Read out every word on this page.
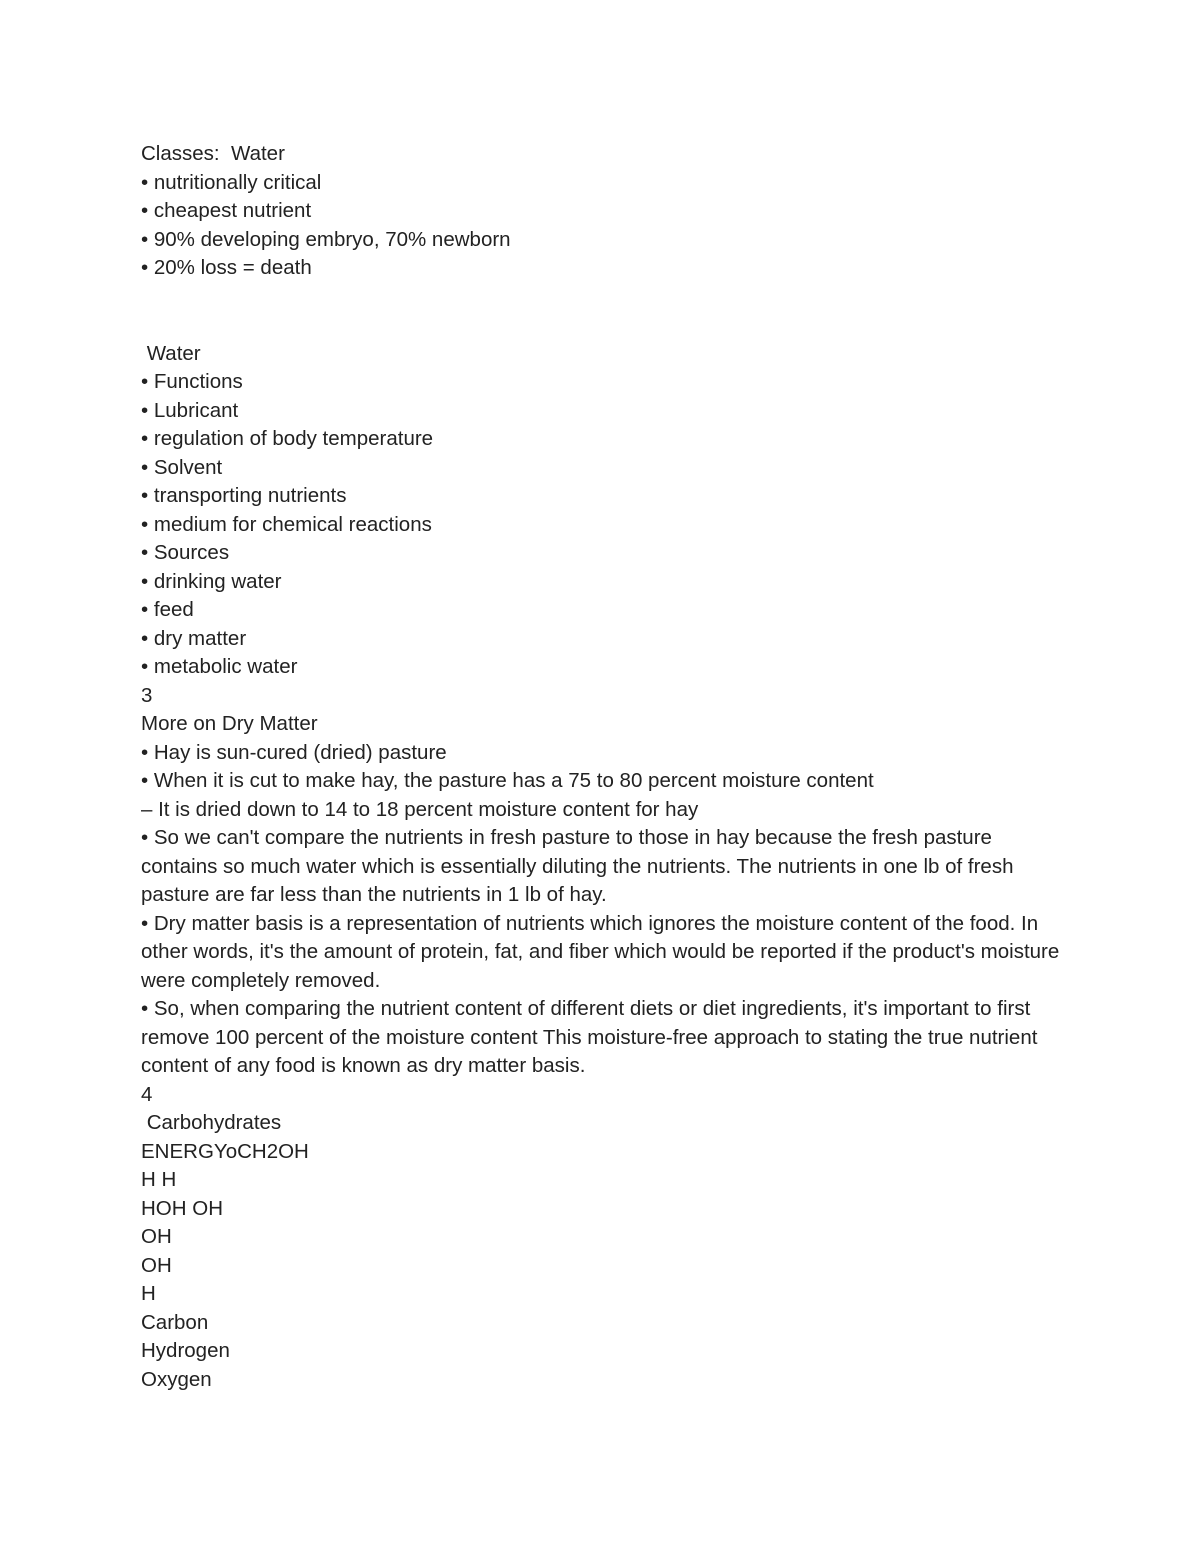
Classes:  Water
• nutritionally critical
• cheapest nutrient
• 90% developing embryo, 70% newborn
• 20% loss = death
Water
• Functions
• Lubricant
• regulation of body temperature
• Solvent
• transporting nutrients
• medium for chemical reactions
• Sources
• drinking water
• feed
• dry matter
• metabolic water
3
More on Dry Matter
• Hay is sun-cured (dried) pasture
• When it is cut to make hay, the pasture has a 75 to 80 percent moisture content
– It is dried down to 14 to 18 percent moisture content for hay
• So we can't compare the nutrients in fresh pasture to those in hay because the fresh pasture contains so much water which is essentially diluting the nutrients. The nutrients in one lb of fresh pasture are far less than the nutrients in 1 lb of hay.
• Dry matter basis is a representation of nutrients which ignores the moisture content of the food. In other words, it's the amount of protein, fat, and fiber which would be reported if the product's moisture were completely removed.
• So, when comparing the nutrient content of different diets or diet ingredients, it's important to first remove 100 percent of the moisture content This moisture-free approach to stating the true nutrient content of any food is known as dry matter basis.
4
Carbohydrates
ENERGYoCH2OH
H H
HOH OH
OH
OH
H
Carbon
Hydrogen
Oxygen
